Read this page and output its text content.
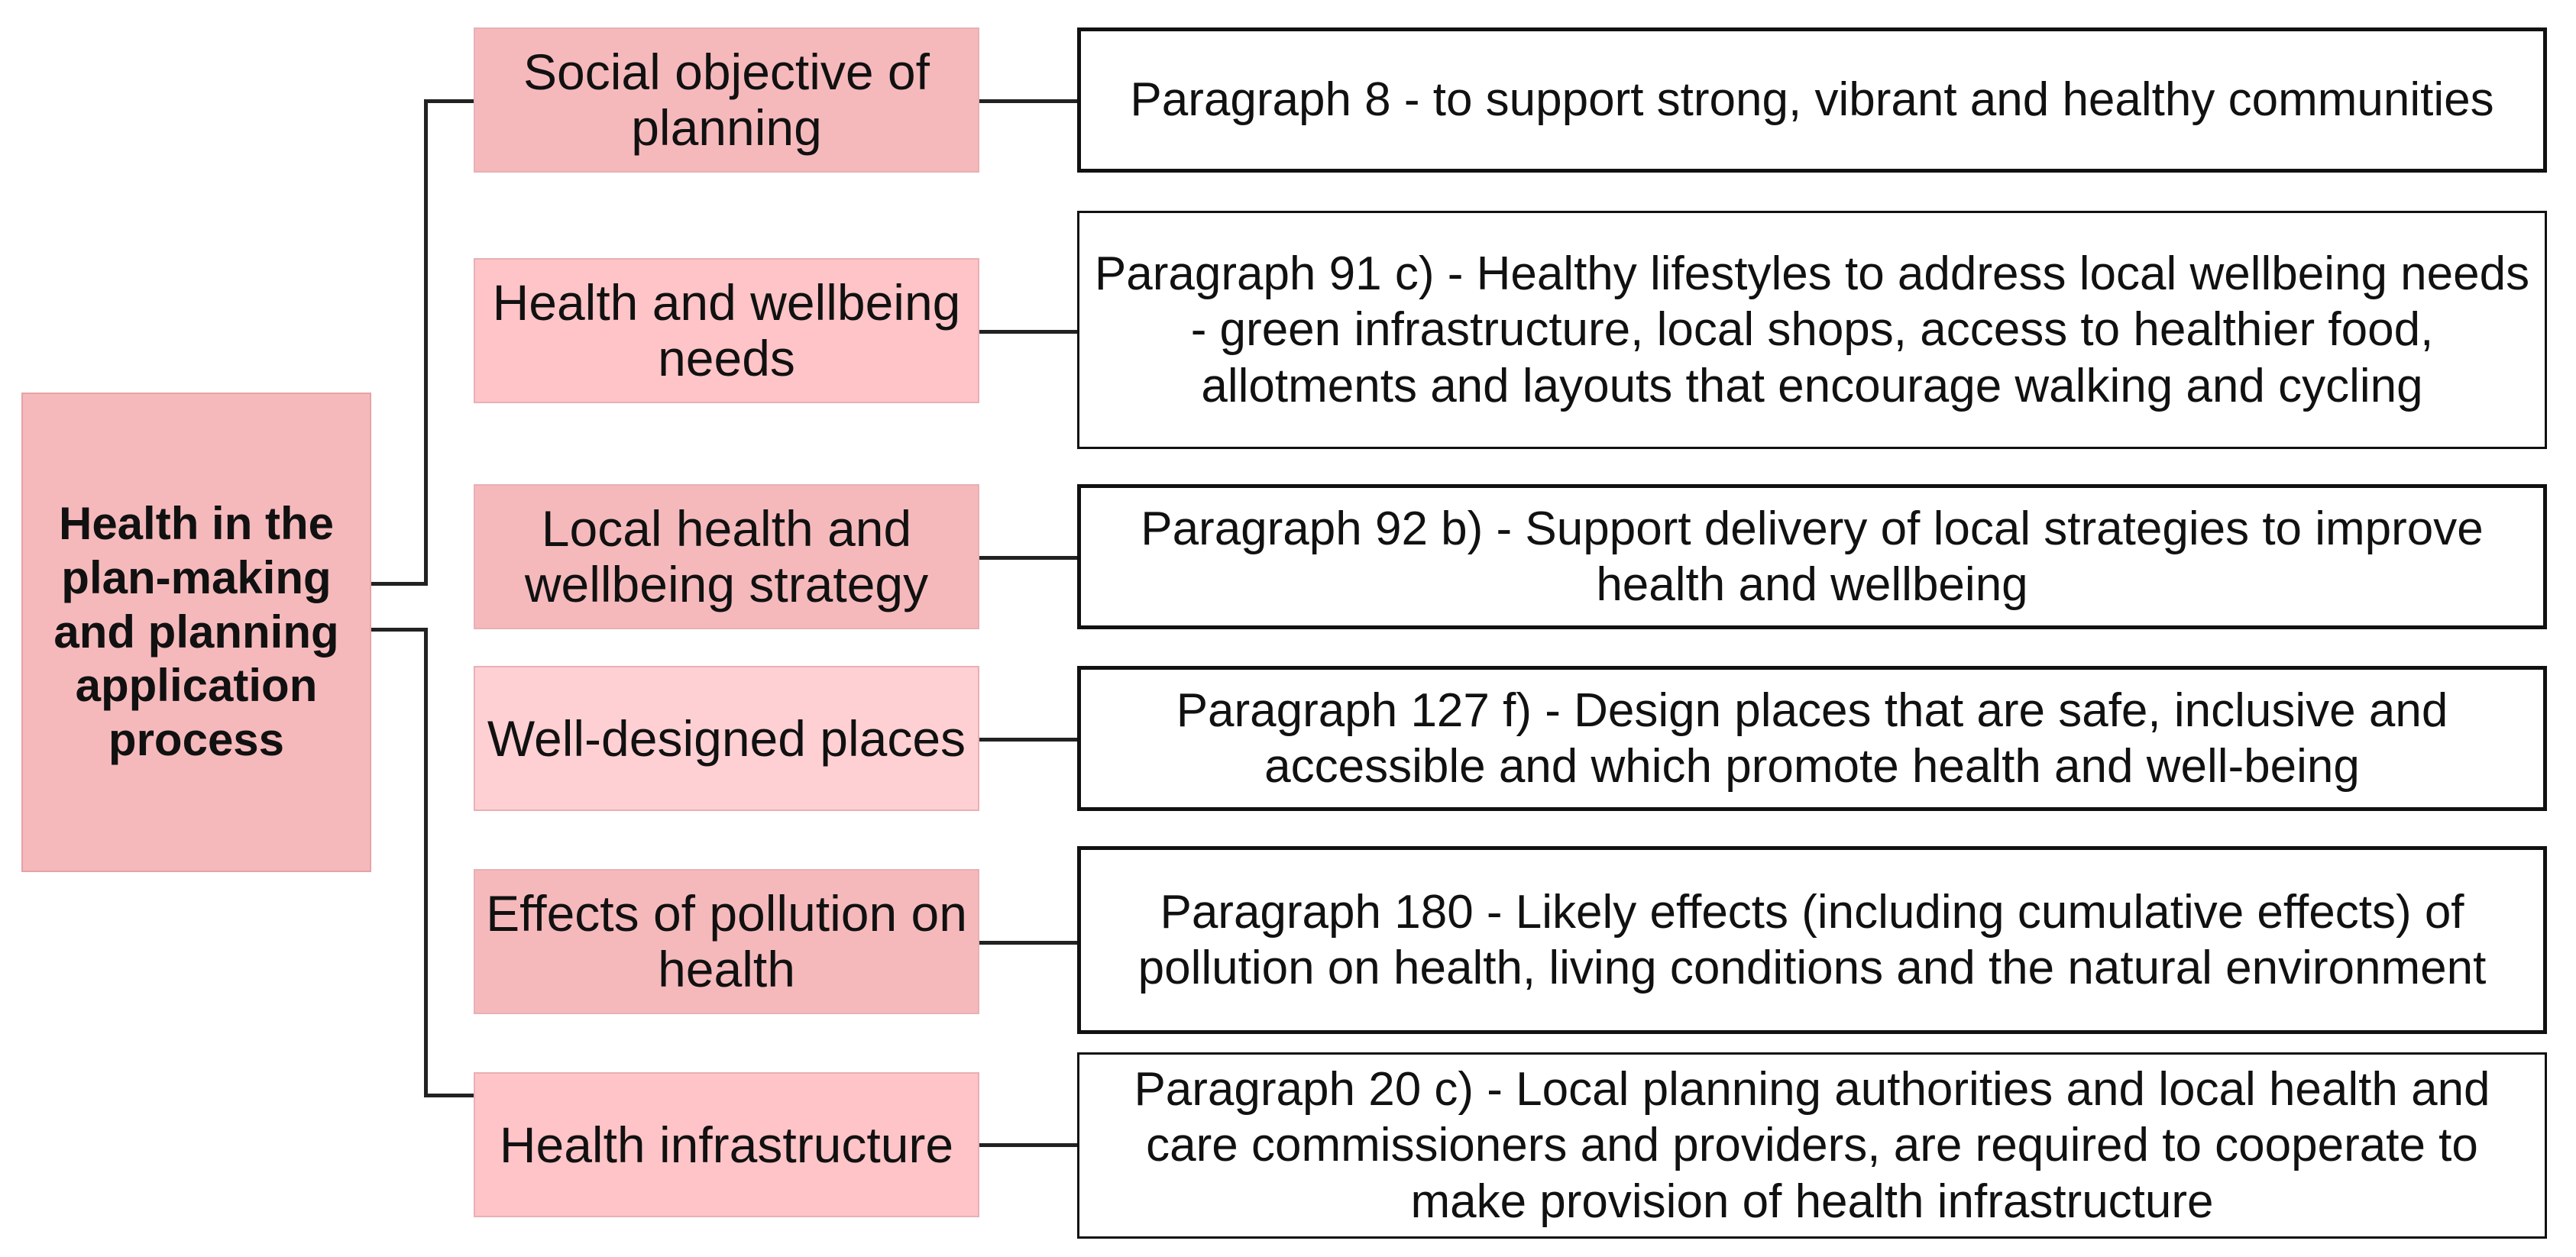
Health in the plan-making and planning application process
Social objective of planning
Health and wellbeing needs
Local health and wellbeing strategy
Well-designed places
Effects of pollution on health
Health infrastructure
Paragraph 8 - to support strong, vibrant and healthy communities
Paragraph 91 c) - Healthy lifestyles to address local wellbeing needs - green infrastructure, local shops, access to healthier food, allotments and layouts that encourage walking and cycling
Paragraph 92 b) - Support delivery of local strategies to improve health and wellbeing
Paragraph 127 f) - Design places that are safe, inclusive and accessible and which promote health and well-being
Paragraph 180 - Likely effects (including cumulative effects) of pollution on health, living conditions and the natural environment
Paragraph 20 c) - Local planning authorities and local health and care commissioners and providers, are required to cooperate to make provision of health infrastructure
